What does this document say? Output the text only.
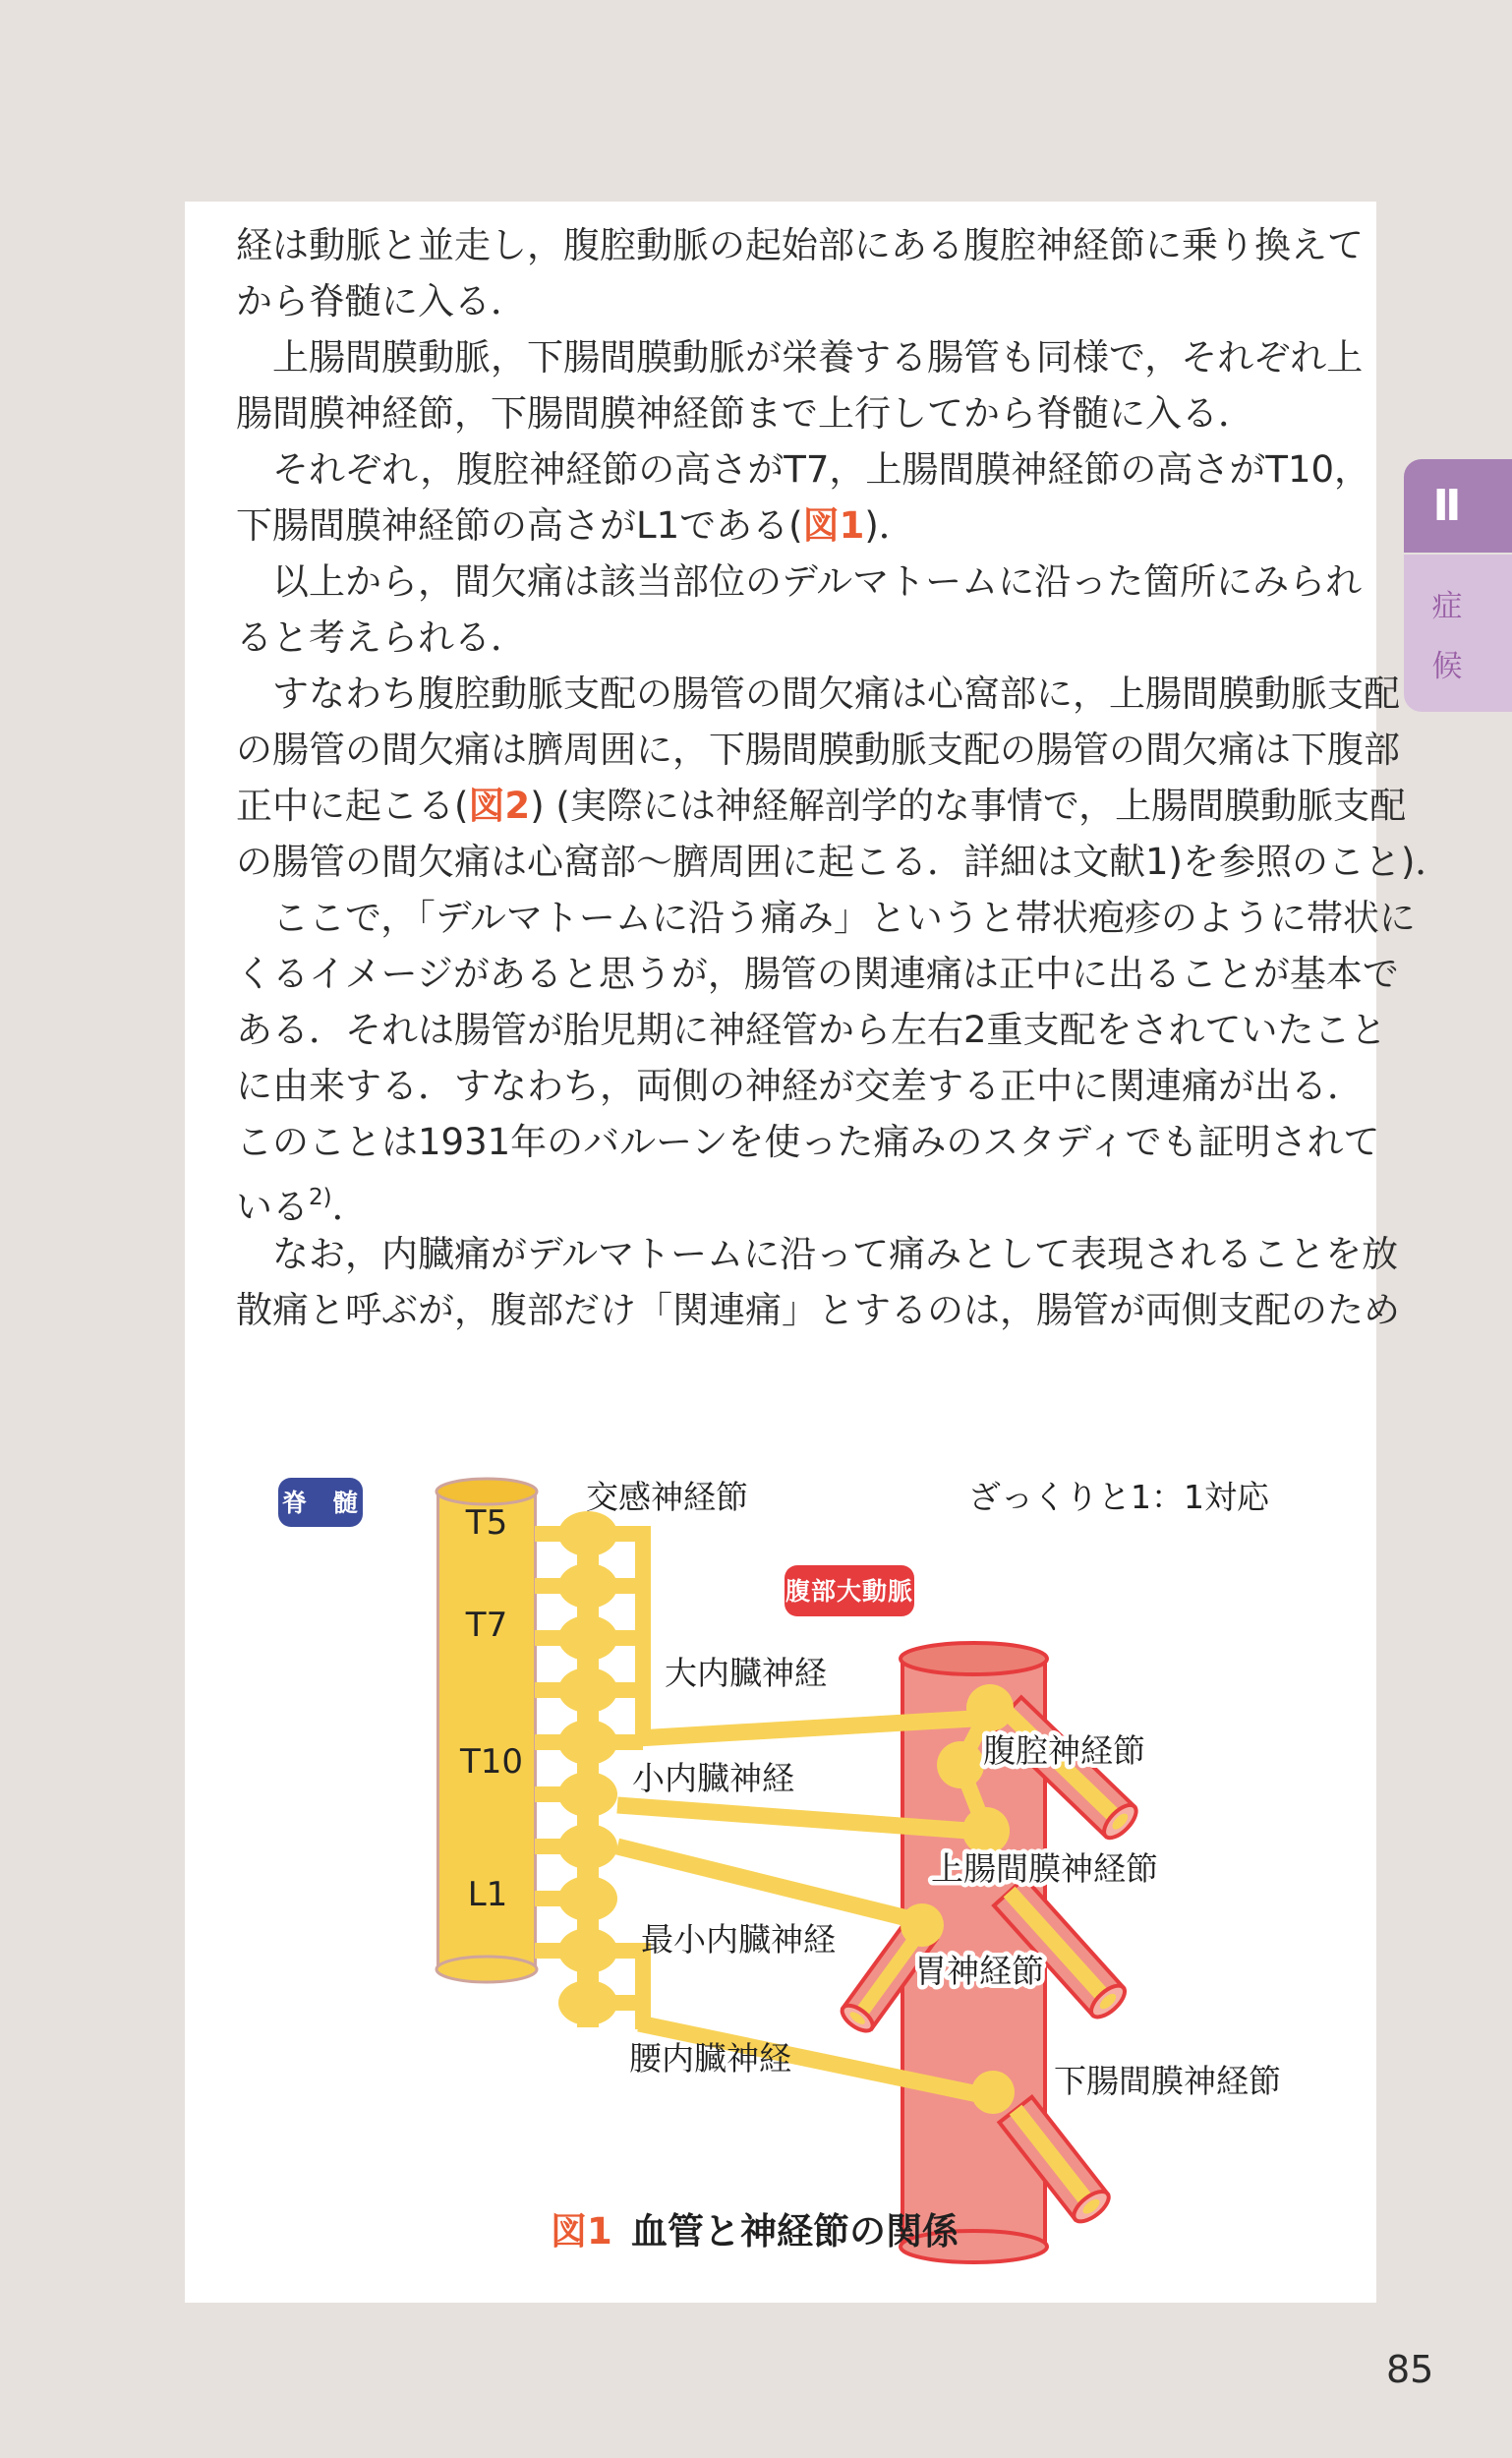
経は動脈と並走し，腹腔動脈の起始部にある腹腔神経節に乗り換えて
から脊髄に入る．
　上腸間膜動脈，下腸間膜動脈が栄養する腸管も同様で，それぞれ上
腸間膜神経節，下腸間膜神経節まで上行してから脊髄に入る．
　それぞれ，腹腔神経節の高さがT7，上腸間膜神経節の高さがT10，
下腸間膜神経節の高さがL1である(図1)．
　以上から，間欠痛は該当部位のデルマトームに沿った箇所にみられ
ると考えられる．
　すなわち腹腔動脈支配の腸管の間欠痛は心窩部に，上腸間膜動脈支配
の腸管の間欠痛は臍周囲に，下腸間膜動脈支配の腸管の間欠痛は下腹部
正中に起こる(図2) (実際には神経解剖学的な事情で，上腸間膜動脈支配
の腸管の間欠痛は心窩部〜臍周囲に起こる．詳細は文献1)を参照のこと)．
　ここで，「デルマトームに沿う痛み」というと帯状疱疹のように帯状に
くるイメージがあると思うが，腸管の関連痛は正中に出ることが基本で
ある．それは腸管が胎児期に神経管から左右2重支配をされていたこと
に由来する．すなわち，両側の神経が交差する正中に関連痛が出る．
このことは1931年のバルーンを使った痛みのスタディでも証明されて
いる$^{2)}$．
　なお，内臓痛がデルマトームに沿って痛みとして表現されることを放
散痛と呼ぶが，腹部だけ「関連痛」とするのは，腸管が両側支配のため
脊　髄
T5
T7
T10
L1
腹部大動脈
交感神経節	ざっくりと1：1対応
大内臓神経
小内臓神経
腹腔神経節
上腸間膜神経節
最小内臓神経
胃神経節
腰内臓神経
下腸間膜神経節
図1 血管と神経節の関係
Ⅱ
症
候
85
